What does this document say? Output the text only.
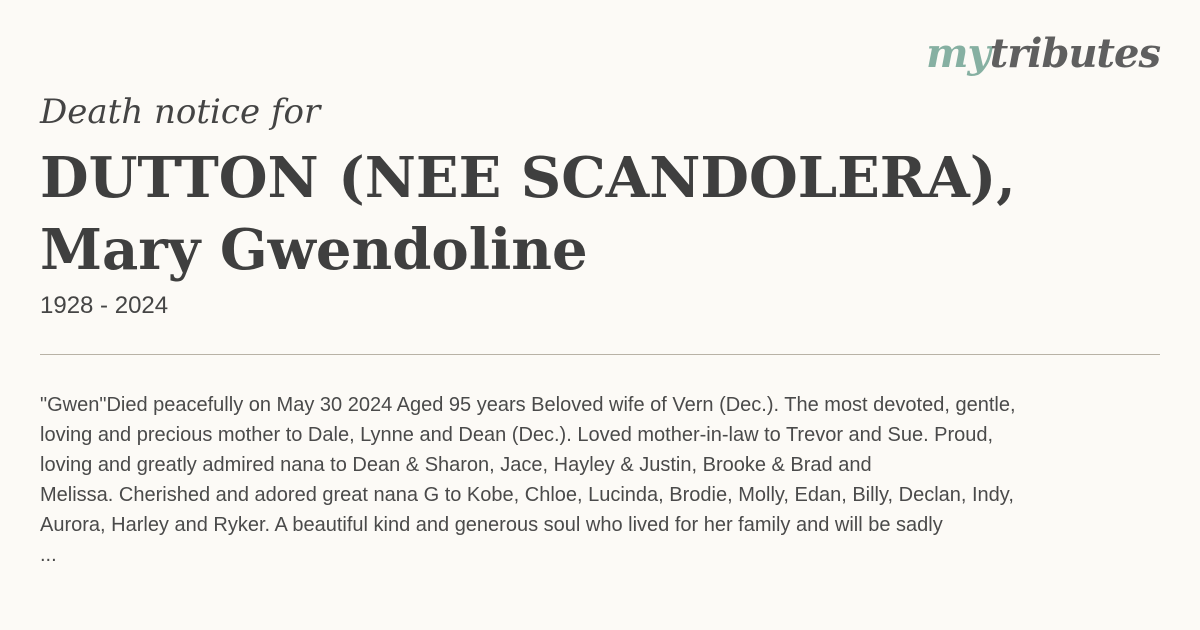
mytributes
Death notice for
DUTTON (NEE SCANDOLERA),
Mary Gwendoline
1928 - 2024
"Gwen"Died peacefully on May 30 2024 Aged 95 years Beloved wife of Vern (Dec.). The most devoted, gentle,
loving and precious mother to Dale, Lynne and Dean (Dec.). Loved mother-in-law to Trevor and Sue. Proud,
loving and greatly admired nana to Dean & Sharon, Jace, Hayley & Justin, Brooke & Brad and
Melissa. Cherished and adored great nana G to Kobe, Chloe, Lucinda, Brodie, Molly, Edan, Billy, Declan, Indy,
Aurora, Harley and Ryker. A beautiful kind and generous soul who lived for her family and will be sadly
...
